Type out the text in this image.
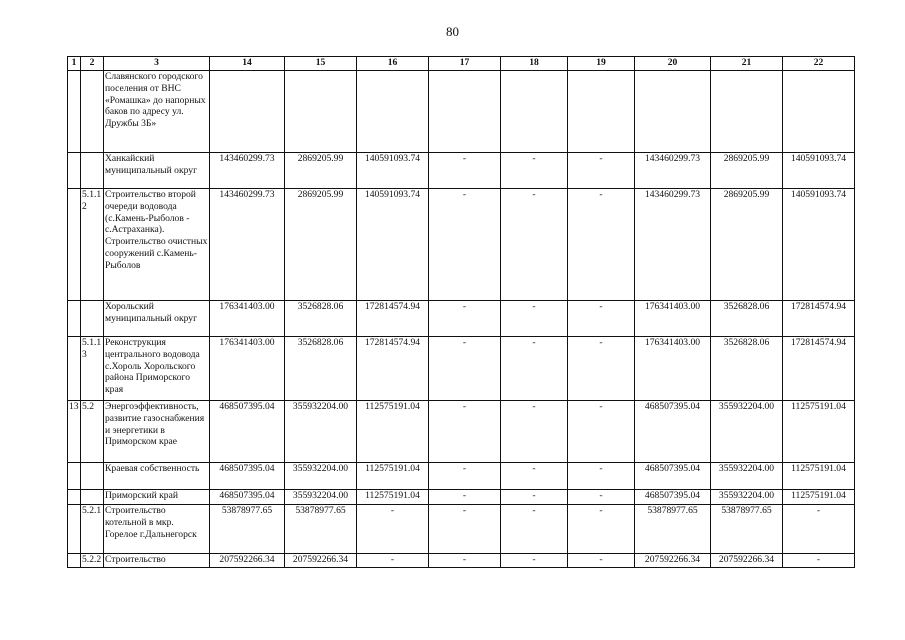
80
1	2	3	14	15	16	17	18	19	20	21	22
		Славянского городского поселения от ВНС «Ромашка» до напорных баков по адресу ул. Дружбы 3Б»									
		Ханкайский муниципальный округ	143460299.73	2869205.99	140591093.74	-	-	-	143460299.73	2869205.99	140591093.74
	5.1.1 2	Строительство второй очереди водовода (с.Камень-Рыболов - с.Астраханка). Строительство очистных сооружений с.Камень-Рыболов	143460299.73	2869205.99	140591093.74	-	-	-	143460299.73	2869205.99	140591093.74
		Хорольский муниципальный округ	176341403.00	3526828.06	172814574.94	-	-	-	176341403.00	3526828.06	172814574.94
	5.1.1 3	Реконструкция центрального водовода с.Хороль Хорольского района Приморского края	176341403.00	3526828.06	172814574.94	-	-	-	176341403.00	3526828.06	172814574.94
13	5.2	Энергоэффективность, развитие газоснабжения и энергетики в Приморском крае	468507395.04	355932204.00	112575191.04	-	-	-	468507395.04	355932204.00	112575191.04
		Краевая собственность	468507395.04	355932204.00	112575191.04	-	-	-	468507395.04	355932204.00	112575191.04
		Приморский край	468507395.04	355932204.00	112575191.04	-	-	-	468507395.04	355932204.00	112575191.04
	5.2.1	Строительство котельной в мкр. Горелое г.Дальнегорск	53878977.65	53878977.65	-	-	-	-	53878977.65	53878977.65	-
	5.2.2	Строительство	207592266.34	207592266.34	-	-	-	-	207592266.34	207592266.34	-
